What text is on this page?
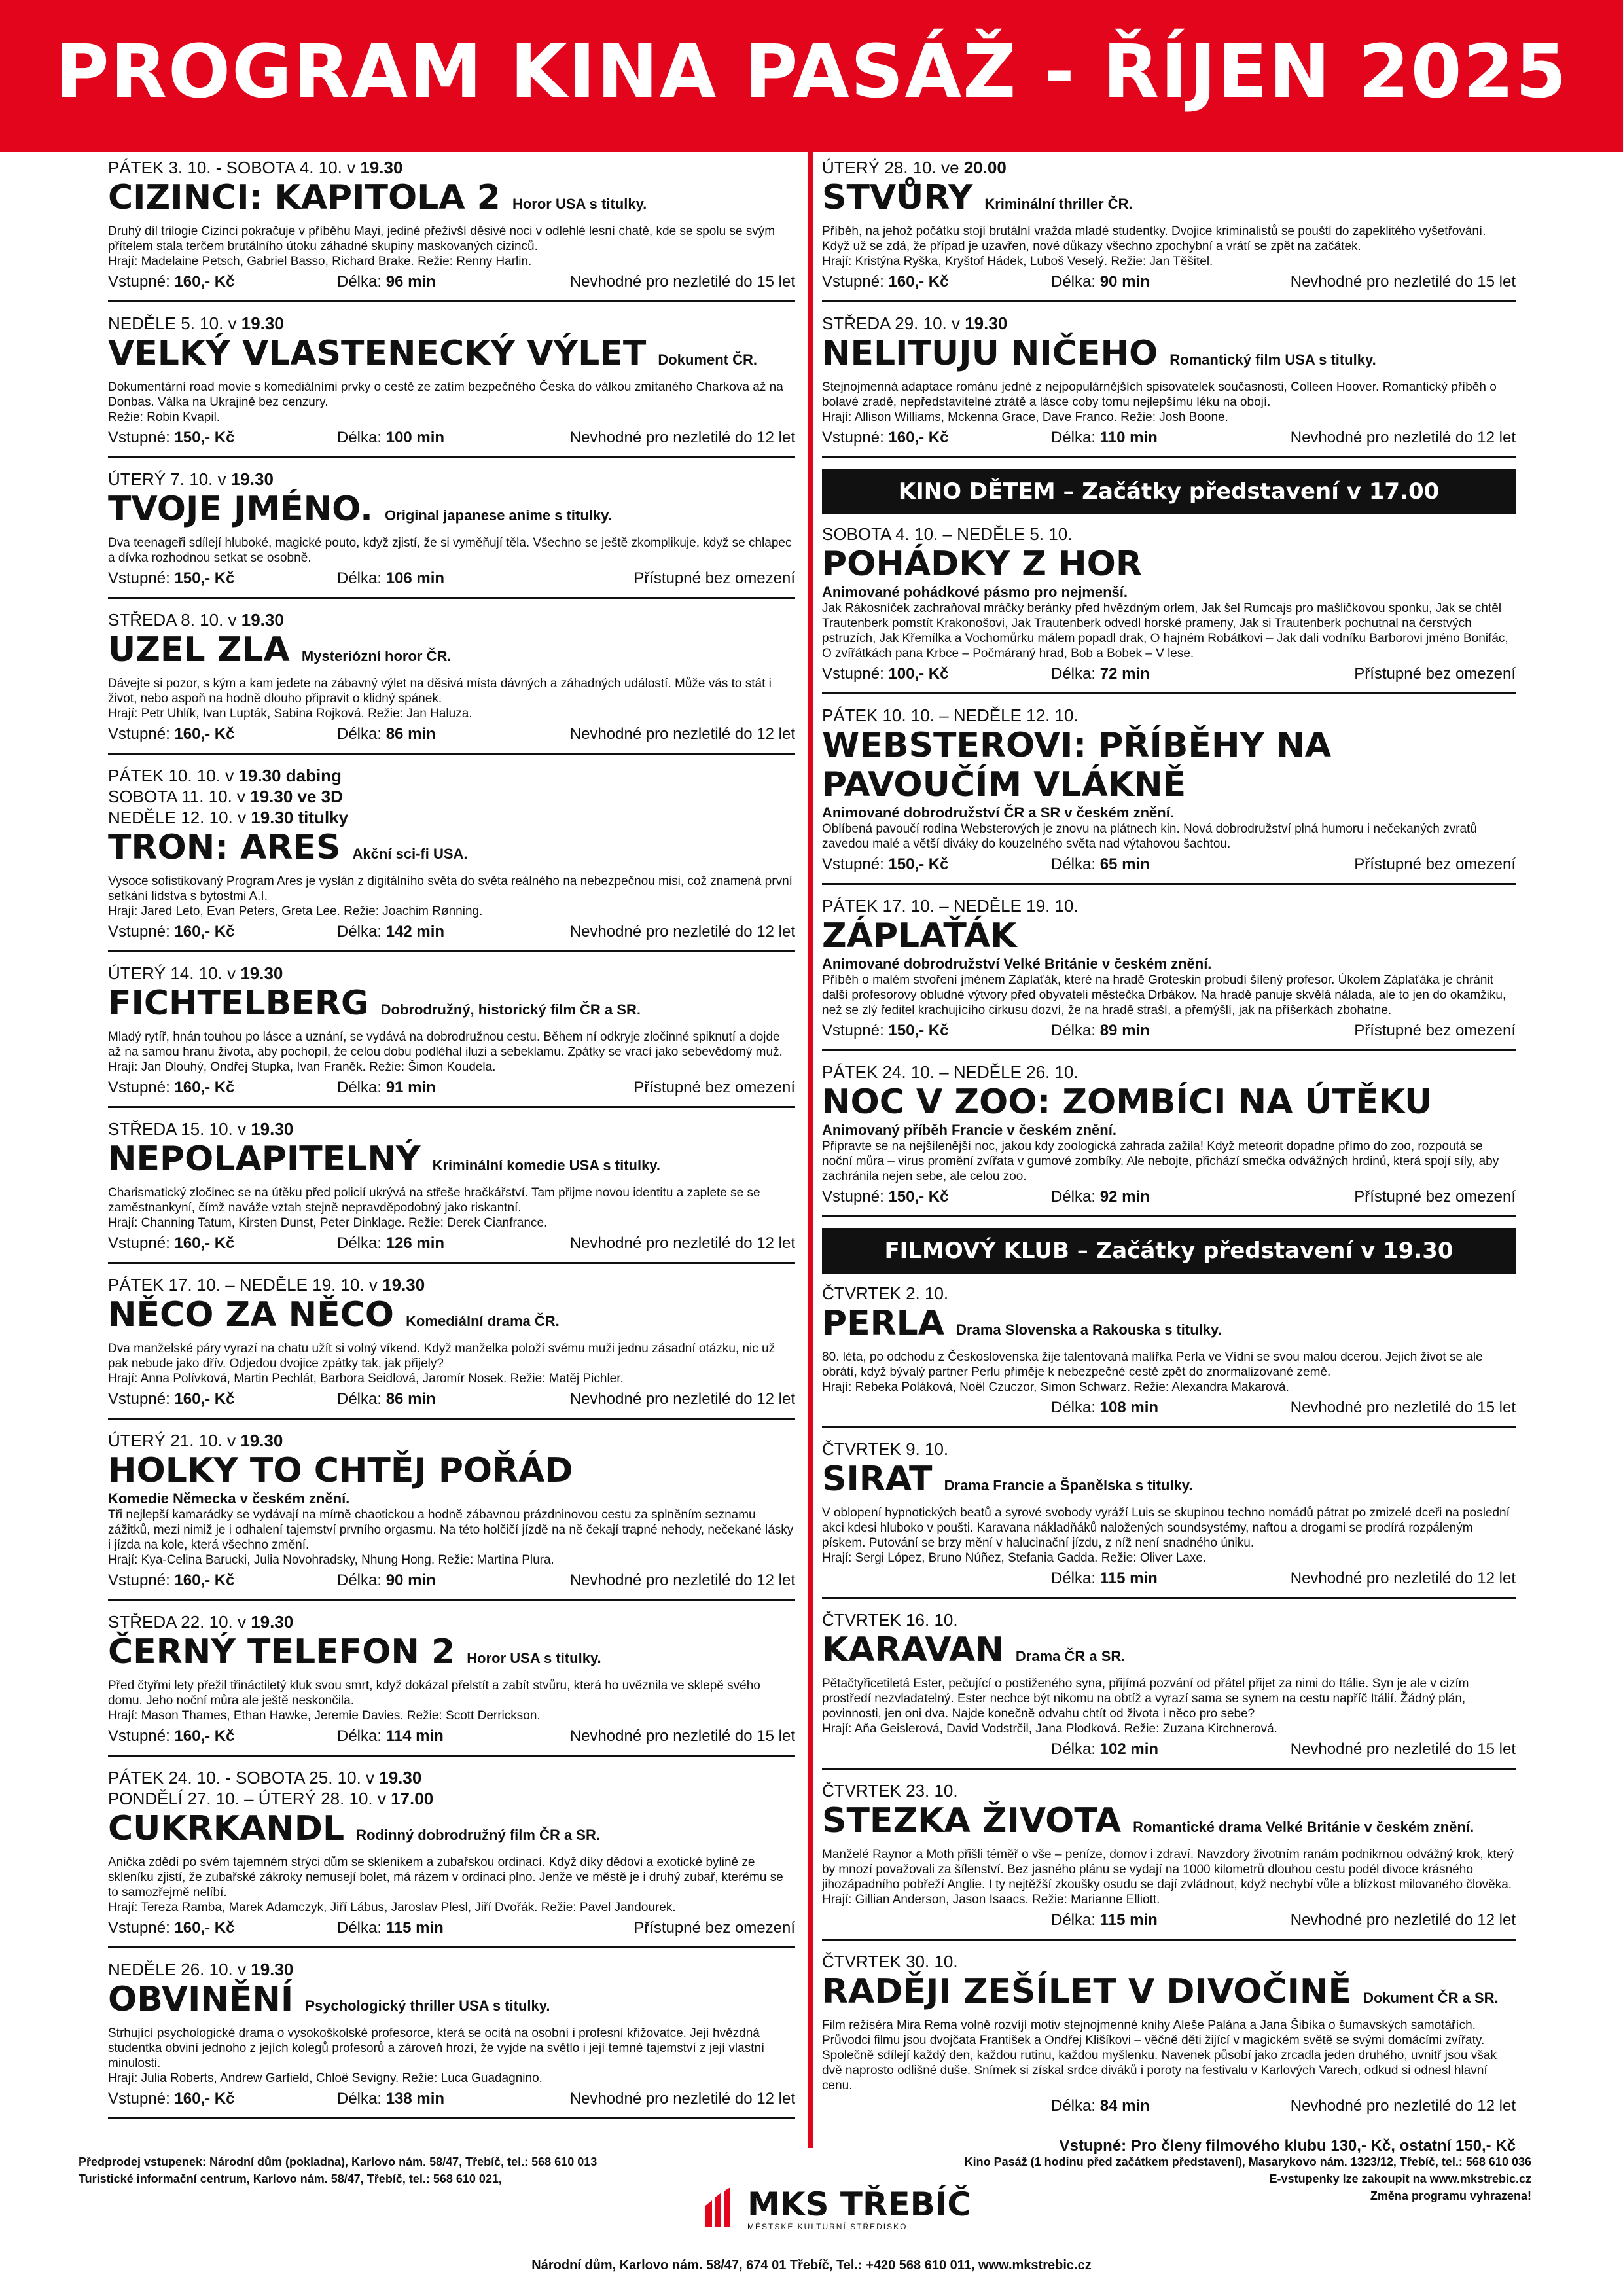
PROGRAM KINA PASÁŽ - ŘÍJEN 2025
PÁTEK 3. 10. - SOBOTA 4. 10. v 19.30
CIZINCI: KAPITOLA 2 Horor USA s titulky.
Druhý díl trilogie Cizinci pokračuje v příběhu Mayi, jediné přeživší děsivé noci v odlehlé lesní chatě, kde se spolu se svým přítelem stala terčem brutálního útoku záhadné skupiny maskovaných cizinců.
Hrají: Madelaine Petsch, Gabriel Basso, Richard Brake. Režie: Renny Harlin.
Vstupné: 160,- Kč	Délka: 96 min	Nevhodné pro nezletilé do 15 let
NEDĚLE 5. 10. v 19.30
VELKÝ VLASTENECKÝ VÝLET Dokument ČR.
Dokumentární road movie s komediálními prvky o cestě ze zatím bezpečného Česka do válkou zmítaného Charkova až na Donbas. Válka na Ukrajině bez cenzury.
Režie: Robin Kvapil.
Vstupné: 150,- Kč	Délka: 100 min	Nevhodné pro nezletilé do 12 let
ÚTERÝ 7. 10. v 19.30
TVOJE JMÉNO. Original japanese anime s titulky.
Dva teenageři sdílejí hluboké, magické pouto, když zjistí, že si vyměňují těla. Všechno se ještě zkomplikuje, když se chlapec a dívka rozhodnou setkat se osobně.
Vstupné: 150,- Kč	Délka: 106 min	Přístupné bez omezení
STŘEDA 8. 10. v 19.30
UZEL ZLA Mysteriózní horor ČR.
Dávejte si pozor, s kým a kam jedete na zábavný výlet na děsivá místa dávných a záhadných událostí. Může vás to stát i život, nebo aspoň na hodně dlouho připravit o klidný spánek.
Hrají: Petr Uhlík, Ivan Lupták, Sabina Rojková. Režie: Jan Haluza.
Vstupné: 160,- Kč	Délka: 86 min	Nevhodné pro nezletilé do 12 let
PÁTEK 10. 10. v 19.30 dabing
SOBOTA 11. 10. v 19.30 ve 3D
NEDĚLE 12. 10. v 19.30 titulky
TRON: ARES Akční sci-fi USA.
Vysoce sofistikovaný Program Ares je vyslán z digitálního světa do světa reálného na nebezpečnou misi, což znamená první setkání lidstva s bytostmi A.I.
Hrají: Jared Leto, Evan Peters, Greta Lee. Režie: Joachim Rønning.
Vstupné: 160,- Kč	Délka: 142 min	Nevhodné pro nezletilé do 12 let
ÚTERÝ 14. 10. v 19.30
FICHTELBERG Dobrodružný, historický film ČR a SR.
Mladý rytíř, hnán touhou po lásce a uznání, se vydává na dobrodružnou cestu. Během ní odkryje zločinné spiknutí a dojde až na samou hranu života, aby pochopil, že celou dobu podléhal iluzi a sebeklamu. Zpátky se vrací jako sebevědomý muž.
Hrají: Jan Dlouhý, Ondřej Stupka, Ivan Franěk. Režie: Šimon Koudela.
Vstupné: 160,- Kč	Délka: 91 min	Přístupné bez omezení
STŘEDA 15. 10. v 19.30
NEPOLAPITELNÝ Kriminální komedie USA s titulky.
Charismatický zločinec se na útěku před policií ukrývá na střeše hračkářství. Tam přijme novou identitu a zaplete se se zaměstnankyní, čímž naváže vztah stejně nepravděpodobný jako riskantní.
Hrají: Channing Tatum, Kirsten Dunst, Peter Dinklage. Režie: Derek Cianfrance.
Vstupné: 160,- Kč	Délka: 126 min	Nevhodné pro nezletilé do 12 let
PÁTEK 17. 10. – NEDĚLE 19. 10. v 19.30
NĚCO ZA NĚCO Komediální drama ČR.
Dva manželské páry vyrazí na chatu užít si volný víkend. Když manželka položí svému muži jednu zásadní otázku, nic už pak nebude jako dřív. Odjedou dvojice zpátky tak, jak přijely?
Hrají: Anna Polívková, Martin Pechlát, Barbora Seidlová, Jaromír Nosek. Režie: Matěj Pichler.
Vstupné: 160,- Kč	Délka: 86 min	Nevhodné pro nezletilé do 12 let
ÚTERÝ 21. 10. v 19.30
HOLKY TO CHTĚJ POŘÁD
Komedie Německa v českém znění.
Tři nejlepší kamarádky se vydávají na mírně chaotickou a hodně zábavnou prázdninovou cestu za splněním seznamu zážitků, mezi nimiž je i odhalení tajemství prvního orgasmu. Na této holčičí jízdě na ně čekají trapné nehody, nečekané lásky i jízda na kole, která všechno změní.
Hrají: Kya-Celina Barucki, Julia Novohradsky, Nhung Hong. Režie: Martina Plura.
Vstupné: 160,- Kč	Délka: 90 min	Nevhodné pro nezletilé do 12 let
STŘEDA 22. 10. v 19.30
ČERNÝ TELEFON 2 Horor USA s titulky.
Před čtyřmi lety přežil třináctiletý kluk svou smrt, když dokázal přelstít a zabít stvůru, která ho uvěznila ve sklepě svého domu. Jeho noční můra ale ještě neskončila.
Hrají: Mason Thames, Ethan Hawke, Jeremie Davies. Režie: Scott Derrickson.
Vstupné: 160,- Kč	Délka: 114 min	Nevhodné pro nezletilé do 15 let
PÁTEK 24. 10. - SOBOTA 25. 10. v 19.30
PONDĚLÍ 27. 10. – ÚTERÝ 28. 10. v 17.00
CUKRKANDL Rodinný dobrodružný film ČR a SR.
Anička zdědí po svém tajemném strýci dům se sklenikem a zubařskou ordinací. Když díky dědovi a exotické bylině ze skleníku zjistí, že zubařské zákroky nemusejí bolet, má rázem v ordinaci plno. Jenže ve městě je i druhý zubař, kterému se to samozřejmě nelíbí.
Hrají: Tereza Ramba, Marek Adamczyk, Jiří Lábus, Jaroslav Plesl, Jiří Dvořák. Režie: Pavel Jandourek.
Vstupné: 160,- Kč	Délka: 115 min	Přístupné bez omezení
NEDĚLE 26. 10. v 19.30
OBVINĚNÍ Psychologický thriller USA s titulky.
Strhující psychologické drama o vysokoškolské profesorce, která se ocitá na osobní i profesní křižovatce. Její hvězdná studentka obviní jednoho z jejích kolegů profesorů a zároveň hrozí, že vyjde na světlo i její temné tajemství z její vlastní minulosti.
Hrají: Julia Roberts, Andrew Garfield, Chloë Sevigny. Režie: Luca Guadagnino.
Vstupné: 160,- Kč	Délka: 138 min	Nevhodné pro nezletilé do 12 let
ÚTERÝ 28. 10. ve 20.00
STVŮRY Kriminální thriller ČR.
Příběh, na jehož počátku stojí brutální vražda mladé studentky. Dvojice kriminalistů se pouští do zapeklitého vyšetřování. Když už se zdá, že případ je uzavřen, nové důkazy všechno zpochybní a vrátí se zpět na začátek.
Hrají: Kristýna Ryška, Kryštof Hádek, Luboš Veselý. Režie: Jan Těšitel.
Vstupné: 160,- Kč	Délka: 90 min	Nevhodné pro nezletilé do 15 let
STŘEDA 29. 10. v 19.30
NELITUJU NIČEHO Romantický film USA s titulky.
Stejnojmenná adaptace románu jedné z nejpopulárnějších spisovatelek současnosti, Colleen Hoover. Romantický příběh o bolavé zradě, nepředstavitelné ztrátě a lásce coby tomu nejlepšímu léku na obojí.
Hrají: Allison Williams, Mckenna Grace, Dave Franco. Režie: Josh Boone.
Vstupné: 160,- Kč	Délka: 110 min	Nevhodné pro nezletilé do 12 let
KINO DĚTEM – Začátky představení v 17.00
SOBOTA 4. 10. – NEDĚLE 5. 10.
POHÁDKY Z HOR
Animované pohádkové pásmo pro nejmenší.
Jak Rákosníček zachraňoval mráčky beránky před hvězdným orlem, Jak šel Rumcajs pro mašličkovou sponku, Jak se chtěl Trautenberk pomstít Krakonošovi, Jak Trautenberk odvedl horské prameny, Jak si Trautenberk pochutnal na čerstvých pstruzích, Jak Křemílka a Vochomůrku málem popadl drak, O hajném Robátkovi – Jak dali vodníku Barborovi jméno Bonifác, O zvířátkách pana Krbce – Počmáraný hrad, Bob a Bobek – V lese.
Vstupné: 100,- Kč	Délka: 72 min	Přístupné bez omezení
PÁTEK 10. 10. – NEDĚLE 12. 10.
WEBSTEROVI: PŘÍBĚHY NA PAVOUČÍM VLÁKNĚ
Animované dobrodružství ČR a SR v českém znění.
Oblíbená pavoučí rodina Websterových je znovu na plátnech kin. Nová dobrodružství plná humoru i nečekaných zvratů zavedou malé a větší diváky do kouzelného světa nad výtahovou šachtou.
Vstupné: 150,- Kč	Délka: 65 min	Přístupné bez omezení
PÁTEK 17. 10. – NEDĚLE 19. 10.
ZÁPLAŤÁK
Animované dobrodružství Velké Británie v českém znění.
Příběh o malém stvoření jménem Záplaťák, které na hradě Groteskin probudí šílený profesor. Úkolem Záplaťáka je chránit další profesorovy obludné výtvory před obyvateli městečka Drbákov. Na hradě panuje skvělá nálada, ale to jen do okamžiku, než se zlý ředitel krachujícího cirkusu dozví, že na hradě straší, a přemýšlí, jak na příšerkách zbohatne.
Vstupné: 150,- Kč	Délka: 89 min	Přístupné bez omezení
PÁTEK 24. 10. – NEDĚLE 26. 10.
NOC V ZOO: ZOMBÍCI NA ÚTĚKU
Animovaný příběh Francie v českém znění.
Připravte se na nejšílenější noc, jakou kdy zoologická zahrada zažila! Když meteorit dopadne přímo do zoo, rozpoutá se noční můra – virus promění zvířata v gumové zombíky. Ale nebojte, přichází smečka odvážných hrdinů, která spojí síly, aby zachránila nejen sebe, ale celou zoo.
Vstupné: 150,- Kč	Délka: 92 min	Přístupné bez omezení
FILMOVÝ KLUB – Začátky představení v 19.30
ČTVRTEK 2. 10.
PERLA Drama Slovenska a Rakouska s titulky.
80. léta, po odchodu z Československa žije talentovaná malířka Perla ve Vídni se svou malou dcerou. Jejich život se ale obrátí, když bývalý partner Perlu přiměje k nebezpečné cestě zpět do znormalizované země.
Hrají: Rebeka Poláková, Noël Czuczor, Simon Schwarz. Režie: Alexandra Makarová.
Délka: 108 min	Nevhodné pro nezletilé do 15 let
ČTVRTEK 9. 10.
SIRAT Drama Francie a Španělska s titulky.
V oblopení hypnotických beatů a syrové svobody vyráží Luis se skupinou techno nomádů pátrat po zmizelé dceři na poslední akci kdesi hluboko v poušti. Karavana nákladňáků naložených soundsystémy, naftou a drogami se prodírá rozpáleným pískem. Putování se brzy mění v halucinační jízdu, z níž není snadného úniku.
Hrají: Sergi López, Bruno Núñez, Stefania Gadda. Režie: Oliver Laxe.
Délka: 115 min	Nevhodné pro nezletilé do 12 let
ČTVRTEK 16. 10.
KARAVAN Drama ČR a SR.
Pětačtyřicetiletá Ester, pečující o postiženého syna, přijímá pozvání od přátel přijet za nimi do Itálie. Syn je ale v cizím prostředí nezvladatelný. Ester nechce být nikomu na obtíž a vyrazí sama se synem na cestu napříč Itálií. Žádný plán, povinnosti, jen oni dva. Najde konečně odvahu chtít od života i něco pro sebe?
Hrají: Aňa Geislerová, David Vodstrčil, Jana Plodková. Režie: Zuzana Kirchnerová.
Délka: 102 min	Nevhodné pro nezletilé do 15 let
ČTVRTEK 23. 10.
STEZKA ŽIVOTA Romantické drama Velké Británie v českém znění.
Manželé Raynor a Moth přišli téměř o vše – peníze, domov i zdraví. Navzdory životním ranám podnikrnou odvážný krok, který by mnozí považovali za šílenství. Bez jasného plánu se vydají na 1000 kilometrů dlouhou cestu podél divoce krásného jihozápadního pobřeží Anglie. I ty nejtěžší zkoušky osudu se dají zvládnout, když nechybí vůle a blízkost milovaného člověka.
Hrají: Gillian Anderson, Jason Isaacs. Režie: Marianne Elliott.
Délka: 115 min	Nevhodné pro nezletilé do 12 let
ČTVRTEK 30. 10.
RADĚJI ZEŠÍLET V DIVOČINĚ Dokument ČR a SR.
Film režiséra Mira Rema volně rozvíjí motiv stejnojmenné knihy Aleše Palána a Jana Šibíka o šumavských samotářích. Průvodci filmu jsou dvojčata František a Ondřej Klišíkovi – věčně děti žijící v magickém světě se svými domácími zvířaty. Společně sdílejí každý den, každou rutinu, každou myšlenku. Navenek působí jako zrcadla jeden druhého, uvnitř jsou však dvě naprosto odlišné duše. Snímek si získal srdce diváků i poroty na festivalu v Karlových Varech, odkud si odnesl hlavní cenu.
Délka: 84 min	Nevhodné pro nezletilé do 12 let
Vstupné: Pro členy filmového klubu 130,- Kč, ostatní 150,- Kč
Předprodej vstupenek: Národní dům (pokladna), Karlovo nám. 58/47, Třebíč, tel.: 568 610 013
Turistické informační centrum, Karlovo nám. 58/47, Třebíč, tel.: 568 610 021,
Kino Pasáž (1 hodinu před začátkem představení), Masarykovo nám. 1323/12, Třebíč, tel.: 568 610 036
E-vstupenky lze zakoupit na www.mkstrebic.cz
Změna programu vyhrazena!
MKS TŘEBÍČ
MĚSTSKÉ KULTURNÍ STŘEDISKO
Národní dům, Karlovo nám. 58/47, 674 01 Třebíč, Tel.: +420 568 610 011, www.mkstrebic.cz
